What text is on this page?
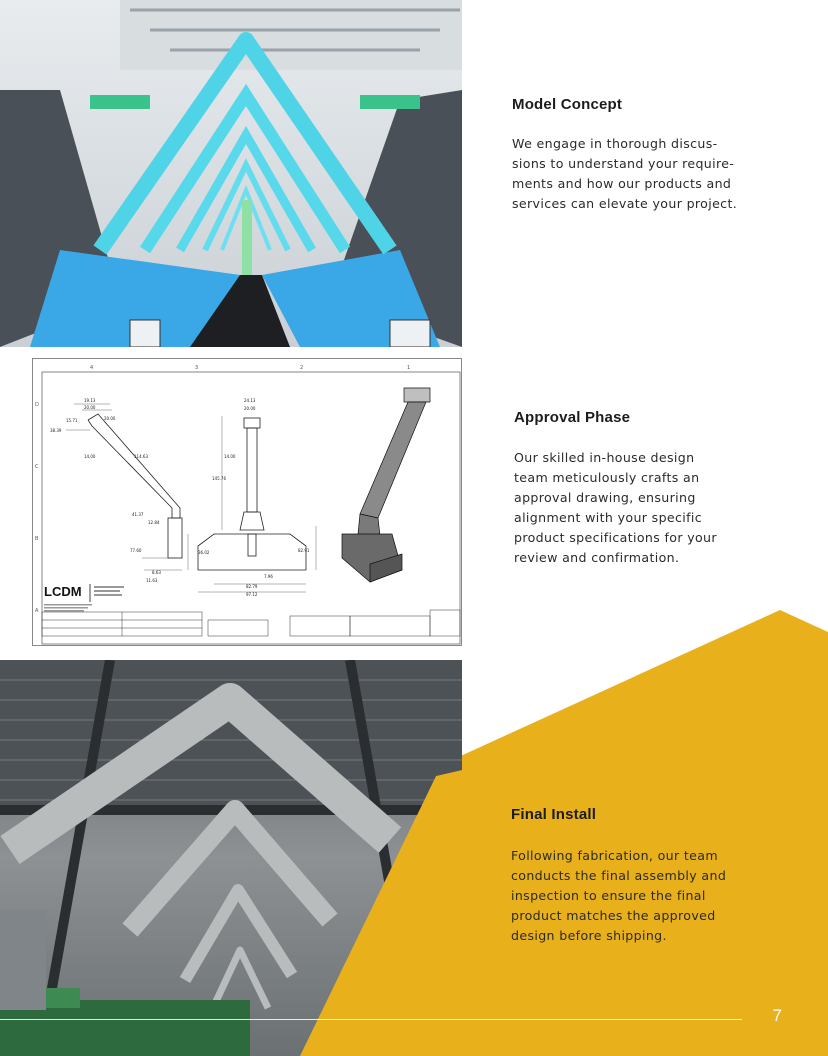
4	3	2	1
D
C
B
A
19.13
20.00
15.71	20.00
38.39
14.00	114.63
41.37
12.84
77.60
8.63
11.63
24.13
20.00
14.00
145.76
36.02	82.91
7.96
82.79
97.12
LCDM
Model Concept
We engage in thorough discus-
sions to understand your require-
ments and how our products and
services can elevate your project.
Approval Phase
Our skilled in-house design
team meticulously crafts an
approval drawing, ensuring
alignment with your specific
product specifications for your
review and confirmation.
Final Install
Following fabrication, our team
conducts the final assembly and
inspection to ensure the final
product matches the approved
design before shipping.
7
